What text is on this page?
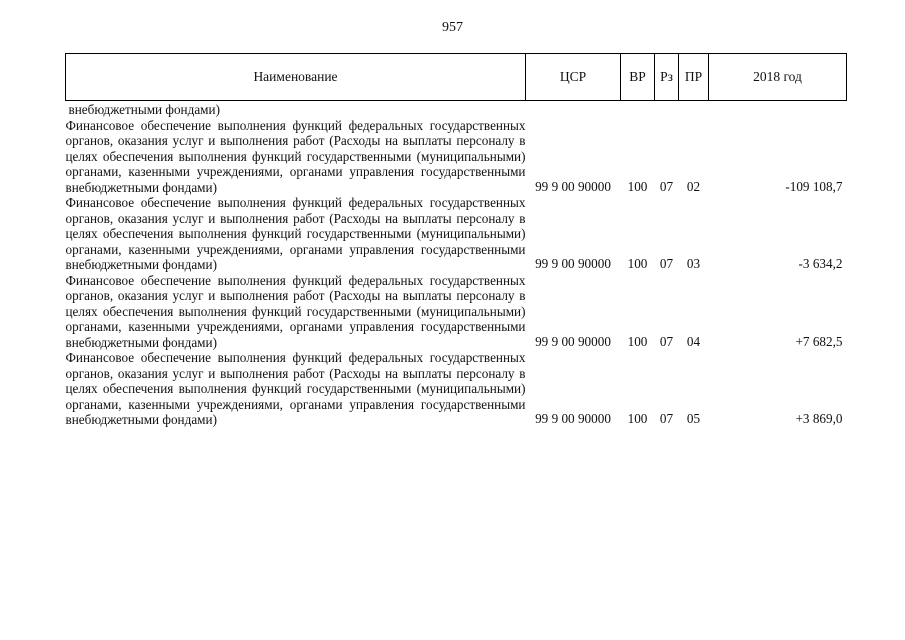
957
Наименование	ЦСР	ВР	Рз	ПР	2018 год
внебюджетными фондами)					
Финансовое обеспечение выполнения функций федеральных государственных органов, оказания услуг и выполнения работ (Расходы на выплаты персоналу в целях обеспечения выполнения функций государственными (муниципальными) органами, казенными учреждениями, органами управления государственными внебюджетными фондами)	99 9 00 90000	100	07	02	-109 108,7
Финансовое обеспечение выполнения функций федеральных государственных органов, оказания услуг и выполнения работ (Расходы на выплаты персоналу в целях обеспечения выполнения функций государственными (муниципальными) органами, казенными учреждениями, органами управления государственными внебюджетными фондами)	99 9 00 90000	100	07	03	-3 634,2
Финансовое обеспечение выполнения функций федеральных государственных органов, оказания услуг и выполнения работ (Расходы на выплаты персоналу в целях обеспечения выполнения функций государственными (муниципальными) органами, казенными учреждениями, органами управления государственными внебюджетными фондами)	99 9 00 90000	100	07	04	+7 682,5
Финансовое обеспечение выполнения функций федеральных государственных органов, оказания услуг и выполнения работ (Расходы на выплаты персоналу в целях обеспечения выполнения функций государственными (муниципальными) органами, казенными учреждениями, органами управления государственными внебюджетными фондами)	99 9 00 90000	100	07	05	+3 869,0
